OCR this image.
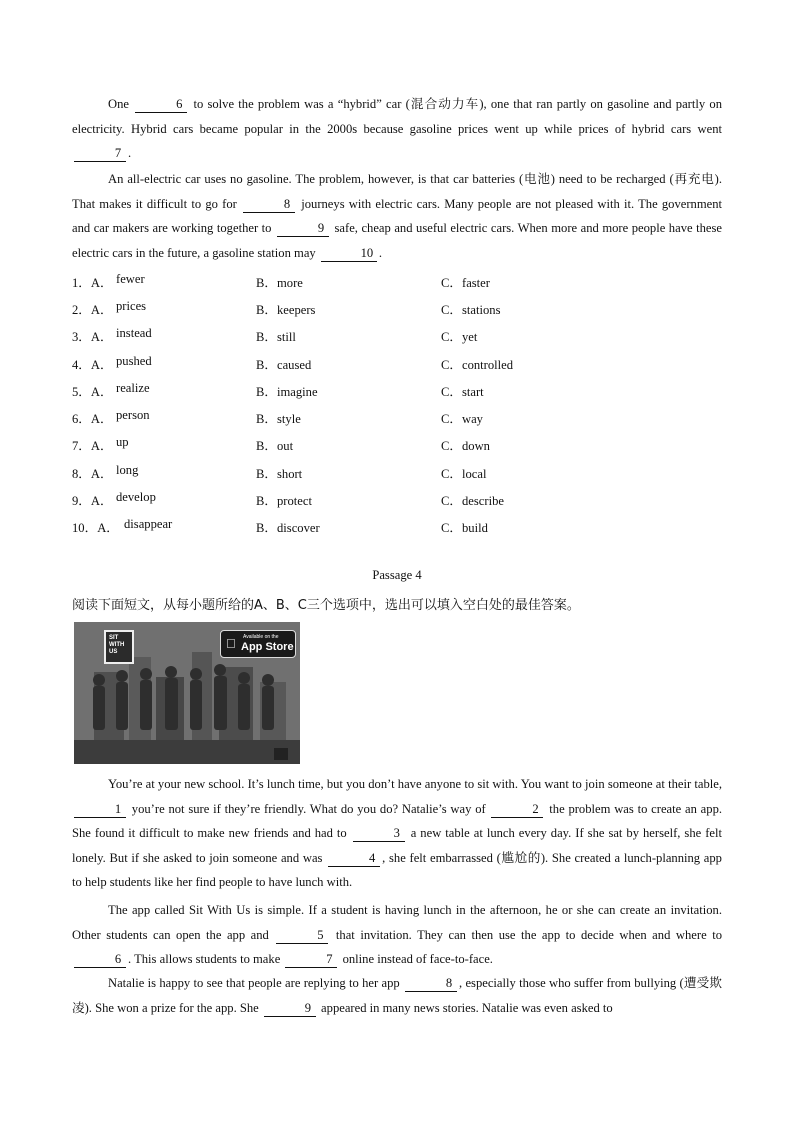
One	6 to solve the problem was a “hybrid” car (混合动力车), one that ran partly on gasoline and partly on electricity. Hybrid cars became popular in the 2000s because gasoline prices went up while prices of hybrid cars went 7 .

An all-electric car uses no gasoline. The problem, however, is that car batteries (电池) need to be recharged (再充电). That makes it difficult to go for	8 journeys with electric cars. Many people are not pleased with it. The government and car makers are working together to	9 safe, cheap and useful electric cars. When more and more people have these electric cars in the future, a gasoline station may	10 .

1．A． fewer	B．more	C．faster
2．A． prices	B．keepers	C．stations
3．A． instead	B．still	C．yet
4．A． pushed	B．caused	C．controlled
5．A． realize	B．imagine	C．start
6．A． person	B．style	C．way
7．A． up	B．out	C．down
8．A． long	B．short	C．local
9．A． develop	B．protect	C．describe
10．A． disappear	B．discover	C．build
Passage 4
阅读下面短文，从每小题所给的A、B、C三个选项中，选出可以填入空白处的最佳答案。
SIT WITH US
Available on the
App Store

You’re at your new school. It’s lunch time, but you don’t have anyone to sit with. You want to join someone at their table, 1 you’re not sure if they’re friendly. What do you do? Natalie’s way of	2 the problem was to create an app. She found it difficult to make new friends and had to	3 a new table at lunch every day. If she sat by herself, she felt lonely. But if she asked to join someone and was	4 , she felt embarrassed (尴尬的). She created a lunch-planning app to help students like her find people to have lunch with.

The app called Sit With Us is simple. If a student is having lunch in the afternoon, he or she can create an invitation. Other students can open the app and	5 that invitation. They can then use the app to decide when and where to 6 . This allows students to make	7 online instead of face-to-face.

Natalie is happy to see that people are replying to her app	8 , especially those who suffer from bullying (遭受欺凌). She won a prize for the app. She	9 appeared in many news stories. Natalie was even asked to
